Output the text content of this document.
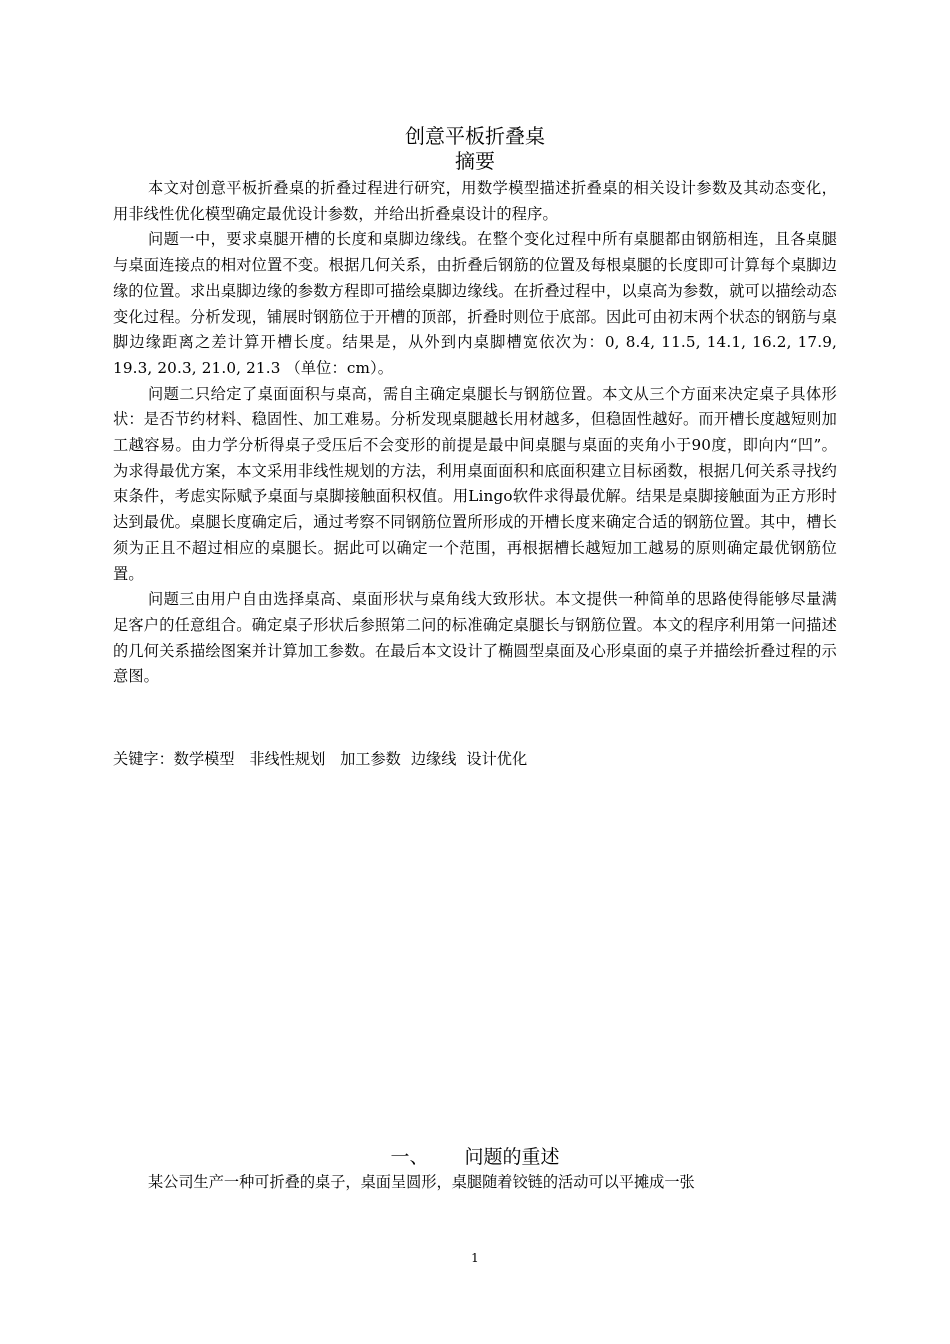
创意平板折叠桌
摘要

本文对创意平板折叠桌的折叠过程进行研究，用数学模型描述折叠桌的相关设计参数及其动态变化，用非线性优化模型确定最优设计参数，并给出折叠桌设计的程序。

问题一中，要求桌腿开槽的长度和桌脚边缘线。在整个变化过程中所有桌腿都由钢筋相连，且各桌腿与桌面连接点的相对位置不变。根据几何关系，由折叠后钢筋的位置及每根桌腿的长度即可计算每个桌脚边缘的位置。求出桌脚边缘的参数方程即可描绘桌脚边缘线。在折叠过程中，以桌高为参数，就可以描绘动态变化过程。分析发现，铺展时钢筋位于开槽的顶部，折叠时则位于底部。因此可由初末两个状态的钢筋与桌脚边缘距离之差计算开槽长度。结果是，从外到内桌脚槽宽依次为：0, 8.4, 11.5, 14.1, 16.2, 17.9, 19.3, 20.3, 21.0, 21.3 （单位：cm）。

问题二只给定了桌面面积与桌高，需自主确定桌腿长与钢筋位置。本文从三个方面来决定桌子具体形状：是否节约材料、稳固性、加工难易。分析发现桌腿越长用材越多，但稳固性越好。而开槽长度越短则加工越容易。由力学分析得桌子受压后不会变形的前提是最中间桌腿与桌面的夹角小于90度，即向内“凹”。为求得最优方案，本文采用非线性规划的方法，利用桌面面积和底面积建立目标函数，根据几何关系寻找约束条件，考虑实际赋予桌面与桌脚接触面积权值。用Lingo软件求得最优解。结果是桌脚接触面为正方形时达到最优。桌腿长度确定后，通过考察不同钢筋位置所形成的开槽长度来确定合适的钢筋位置。其中，槽长须为正且不超过相应的桌腿长。据此可以确定一个范围，再根据槽长越短加工越易的原则确定最优钢筋位置。

问题三由用户自由选择桌高、桌面形状与桌角线大致形状。本文提供一种简单的思路使得能够尽量满足客户的任意组合。确定桌子形状后参照第二问的标准确定桌腿长与钢筋位置。本文的程序利用第一问描述的几何关系描绘图案并计算加工参数。在最后本文设计了椭圆型桌面及心形桌面的桌子并描绘折叠过程的示意图。

关键字：数学模型 非线性规划 加工参数 边缘线 设计优化
一、 问题的重述
某公司生产一种可折叠的桌子，桌面呈圆形，桌腿随着铰链的活动可以平摊成一张
1
